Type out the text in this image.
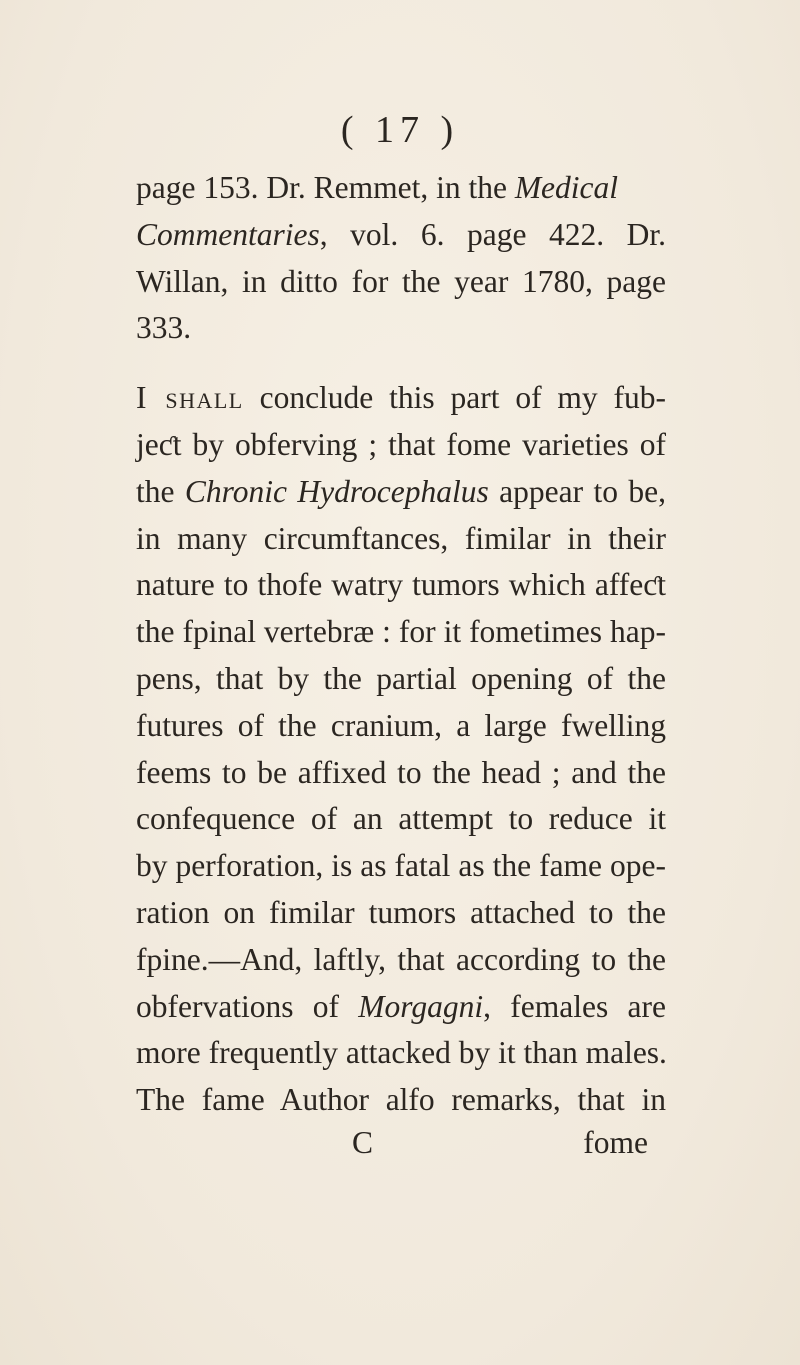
( 17 )
page 153. Dr. Remmet, in the Medical
Commentaries, vol. 6. page 422. Dr.
Willan, in ditto for the year 1780, page
333.
I shall conclude this part of my fub-
jeƈt by obferving ; that fome varieties of
the Chronic Hydrocephalus appear to be,
in many circumftances, fimilar in their
nature to thofe watry tumors which affeƈt
the fpinal vertebræ : for it fometimes hap-
pens, that by the partial opening of the
futures of the cranium, a large fwelling
feems to be affixed to the head ; and the
confequence of an attempt to reduce it
by perforation, is as fatal as the fame ope-
ration on fimilar tumors attached to the
fpine.—And, laftly, that according to the
obfervations of Morgagni, females are
more frequently attacked by it than males.
The fame Author alfo remarks, that in
C	fome
